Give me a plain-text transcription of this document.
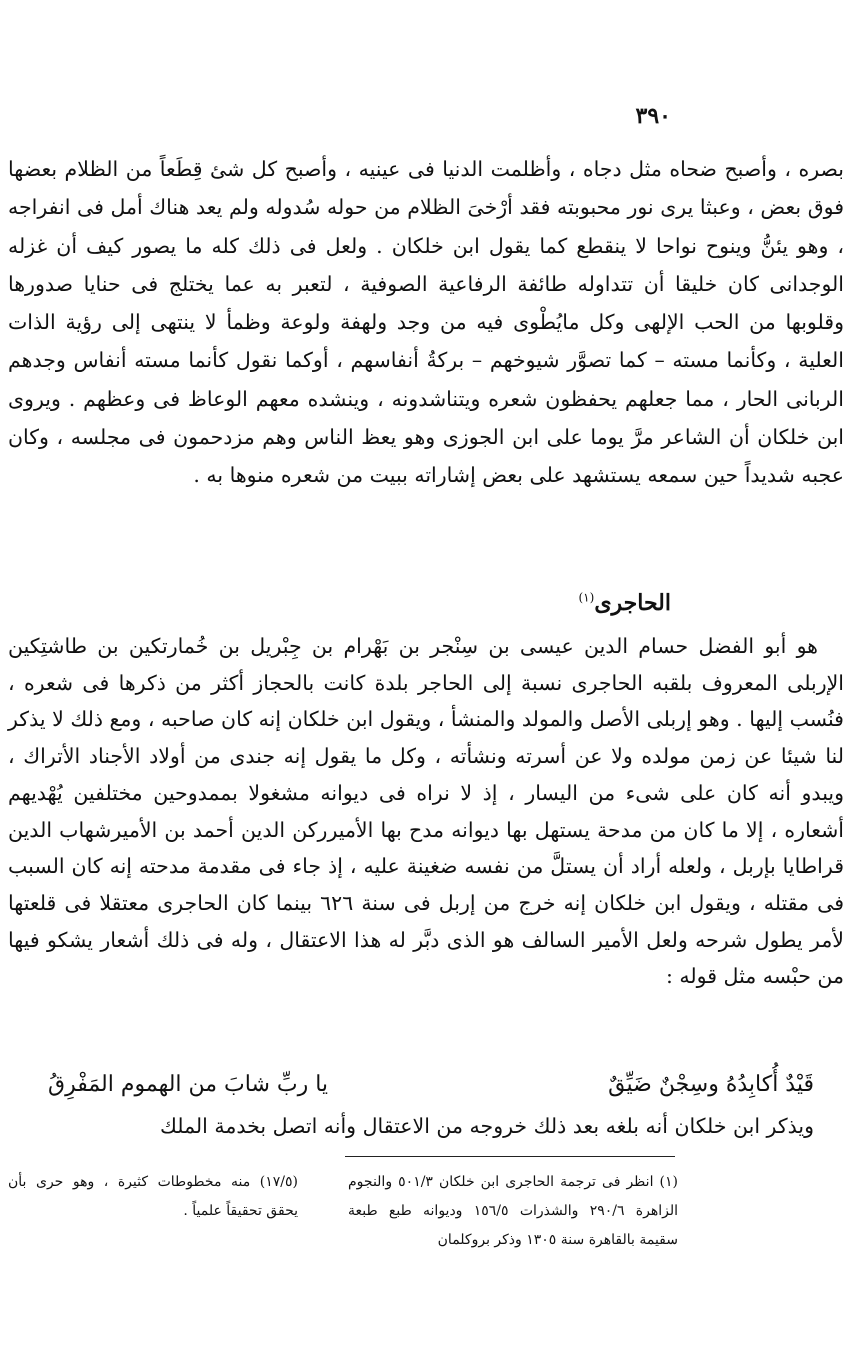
٣٩٠

بصره ، وأصبح ضحاه مثل دجاه ، وأظلمت الدنيا فى عينيه ، وأصبح كل شئ قِطَعاً من الظلام بعضها فوق بعض ، وعبثا يرى نور محبوبته فقد أرْخىَ الظلام من حوله سُدوله ولم يعد هناك أمل فى انفراجه ، وهو يئنُّ وينوح نواحا لا ينقطع كما يقول ابن خلكان . ولعل فى ذلك كله ما يصور كيف أن غزله الوجدانى كان خليقا أن تتداوله طائفة الرفاعية الصوفية ، لتعبر به عما يختلج فى حنايا صدورها وقلوبها من الحب الإلهى وكل مايُطْوى فيه من وجد ولهفة ولوعة وظمأ لا ينتهى إلى رؤية الذات العلية ، وكأنما مسته – كما تصوَّر شيوخهم – بركةُ أنفاسهم ، أوكما نقول كأنما مسته أنفاس وجدهم الربانى الحار ، مما جعلهم يحفظون شعره ويتناشدونه ، وينشده معهم الوعاظ فى وعظهم . ويروى ابن خلكان أن الشاعر مرَّ يوما على ابن الجوزى وهو يعظ الناس وهم مزدحمون فى مجلسه ، وكان عجبه شديداً حين سمعه يستشهد على بعض إشاراته ببيت من شعره منوها به .

الحاجرى$^{(١)}$
هو أبو الفضل حسام الدين عيسى بن سِنْجر بن بَهْرام بن جِبْريل بن خُمارتكين بن طاشتِكين الإربلى المعروف بلقبه الحاجرى نسبة إلى الحاجر بلدة كانت بالحجاز أكثر من ذكرها فى شعره ، فنُسب إليها . وهو إربلى الأصل والمولد والمنشأ ، ويقول ابن خلكان إنه كان صاحبه ، ومع ذلك لا يذكر لنا شيئا عن زمن مولده ولا عن أسرته ونشأته ، وكل ما يقول إنه جندى من أولاد الأجناد الأتراك ، ويبدو أنه كان على شىء من اليسار ، إذ لا نراه فى ديوانه مشغولا بممدوحين مختلفين يُهْديهم أشعاره ، إلا ما كان من مدحة يستهل بها ديوانه مدح بها الأميرركن الدين أحمد بن الأميرشهاب الدين قراطايا بإربل ، ولعله أراد أن يستلَّ من نفسه ضغينة عليه ، إذ جاء فى مقدمة مدحته إنه كان السبب فى مقتله ، ويقول ابن خلكان إنه خرج من إربل فى سنة ٦٢٦ بينما كان الحاجرى معتقلا فى قلعتها لأمر يطول شرحه ولعل الأمير السالف هو الذى دبَّر له هذا الاعتقال ، وله فى ذلك أشعار يشكو فيها من حبْسه مثل قوله :
قَيْدٌ أُكابِدُهُ وسِجْنٌ ضَيِّقٌ
يا ربِّ شابَ من الهموم المَفْرِقُ
ويذكر ابن خلكان أنه بلغه بعد ذلك خروجه من الاعتقال وأنه اتصل بخدمة الملك
(١) انظر فى ترجمة الحاجرى ابن خلكان ٥٠١/٣ والنجوم الزاهرة ٢٩٠/٦ والشذرات ١٥٦/٥ وديوانه طبع طبعة سقيمة بالقاهرة سنة ١٣٠٥ وذكر بروكلمان
(١٧/٥) منه مخطوطات كثيرة ، وهو حرى بأن يحقق تحقيقاً علمياً .
